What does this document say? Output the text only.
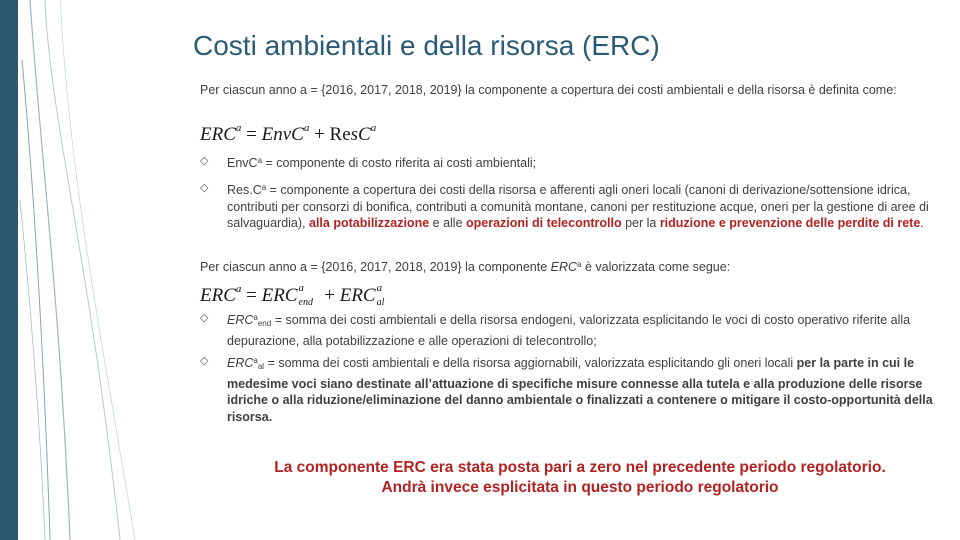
Costi ambientali e della risorsa (ERC)
Per ciascun anno a = {2016, 2017, 2018, 2019} la componente a copertura dei costi ambientali e della risorsa è definita come:
$ERC^a$ = EnvC$^a$ + ResC$^a$
◇	EnvC$^a$ = componente di costo riferita ai costi ambientali;
◇	$Res.C^a$ = componente a copertura dei costi della risorsa e afferenti agli oneri locali (canoni di derivazione/sottensione idrica, contributi per consorzi di bonifica, contributi a comunità montane, canoni per restituzione acque, oneri per la gestione di aree di salvaguardia), alla potabilizzazione e alle operazioni di telecontrollo per la riduzione e prevenzione delle perdite di rete.
Per ciascun anno a = {2016, 2017, 2018, 2019} la componente ERC$^a$ è valorizzata come segue:
$ERC^a$ = ERC a
end + ERC a
al
◇	$ERC^aend$ = somma dei costi ambientali e della risorsa endogeni, valorizzata esplicitando le voci di costo operativo riferite alla depurazione, alla potabilizzazione e alle operazioni di telecontrollo;
◇	$ERC^aal$ = somma dei costi ambientali e della risorsa aggiornabili, valorizzata esplicitando gli oneri locali per la parte in cui le medesime voci siano destinate all’attuazione di specifiche misure connesse alla tutela e alla produzione delle risorse idriche o alla riduzione/eliminazione del danno ambientale o finalizzati a contenere o mitigare il costo-opportunità della risorsa.
La componente ERC era stata posta pari a zero nel precedente periodo regolatorio.
Andrà invece esplicitata in questo periodo regolatorio
